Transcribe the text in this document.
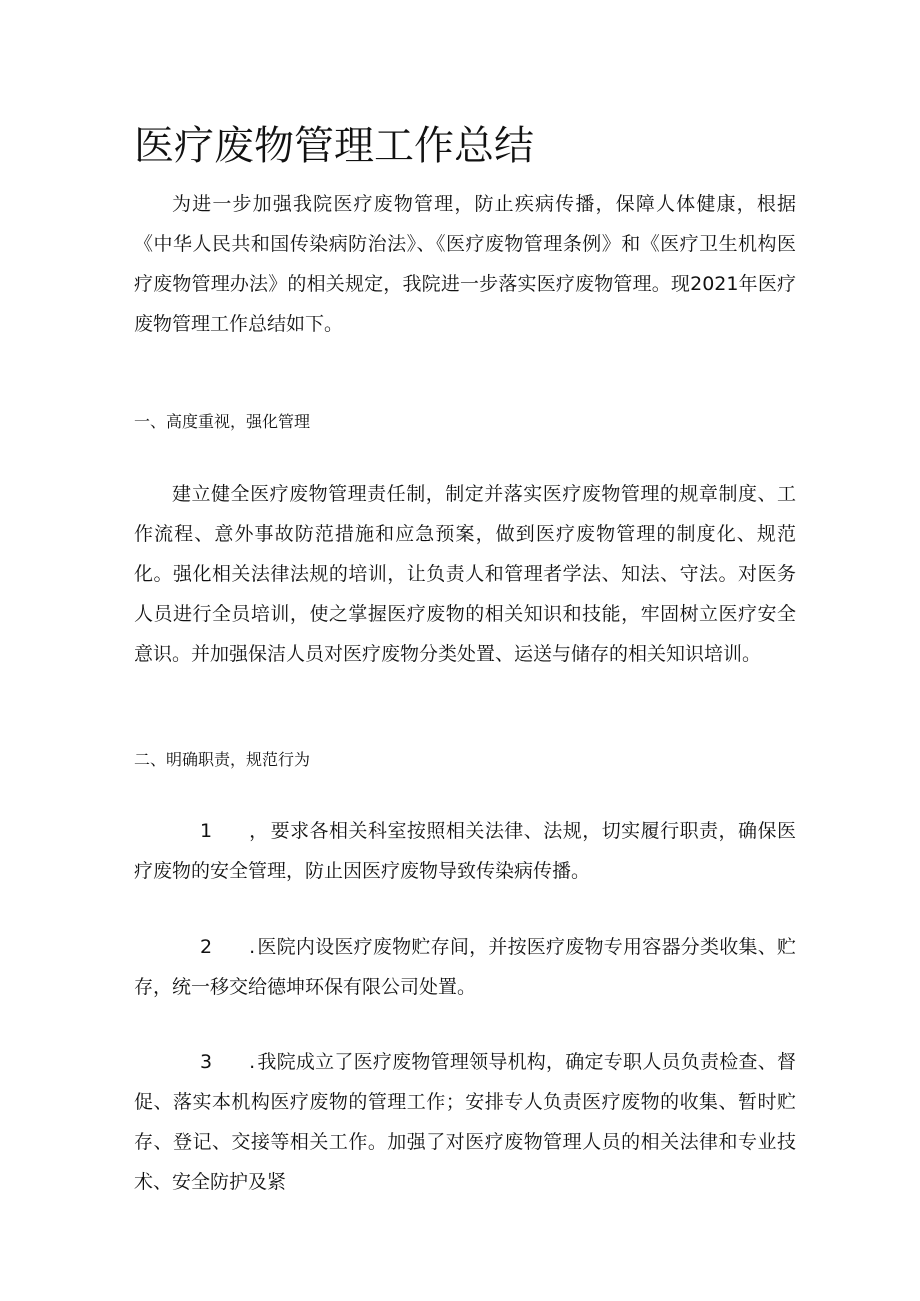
医疗废物管理工作总结

为进一步加强我院医疗废物管理，防止疾病传播，保障人体健康，根据《中华人民共和国传染病防治法》、《医疗废物管理条例》和《医疗卫生机构医疗废物管理办法》的相关规定，我院进一步落实医疗废物管理。现2021年医疗废物管理工作总结如下。

一、高度重视，强化管理

建立健全医疗废物管理责任制，制定并落实医疗废物管理的规章制度、工作流程、意外事故防范措施和应急预案，做到医疗废物管理的制度化、规范化。强化相关法律法规的培训，让负责人和管理者学法、知法、守法。对医务人员进行全员培训，使之掌握医疗废物的相关知识和技能，牢固树立医疗安全意识。并加强保洁人员对医疗废物分类处置、运送与储存的相关知识培训。

二、明确职责，规范行为

1 ， 要求各相关科室按照相关法律、法规，切实履行职责，确保医疗废物的安全管理，防止因医疗废物导致传染病传播。

2 . 医院内设医疗废物贮存间，并按医疗废物专用容器分类收集、贮存，统一移交给德坤环保有限公司处置。

3 . 我院成立了医疗废物管理领导机构，确定专职人员负责检查、督促、落实本机构医疗废物的管理工作；安排专人负责医疗废物的收集、暂时贮存、登记、交接等相关工作。加强了对医疗废物管理人员的相关法律和专业技术、安全防护及紧
